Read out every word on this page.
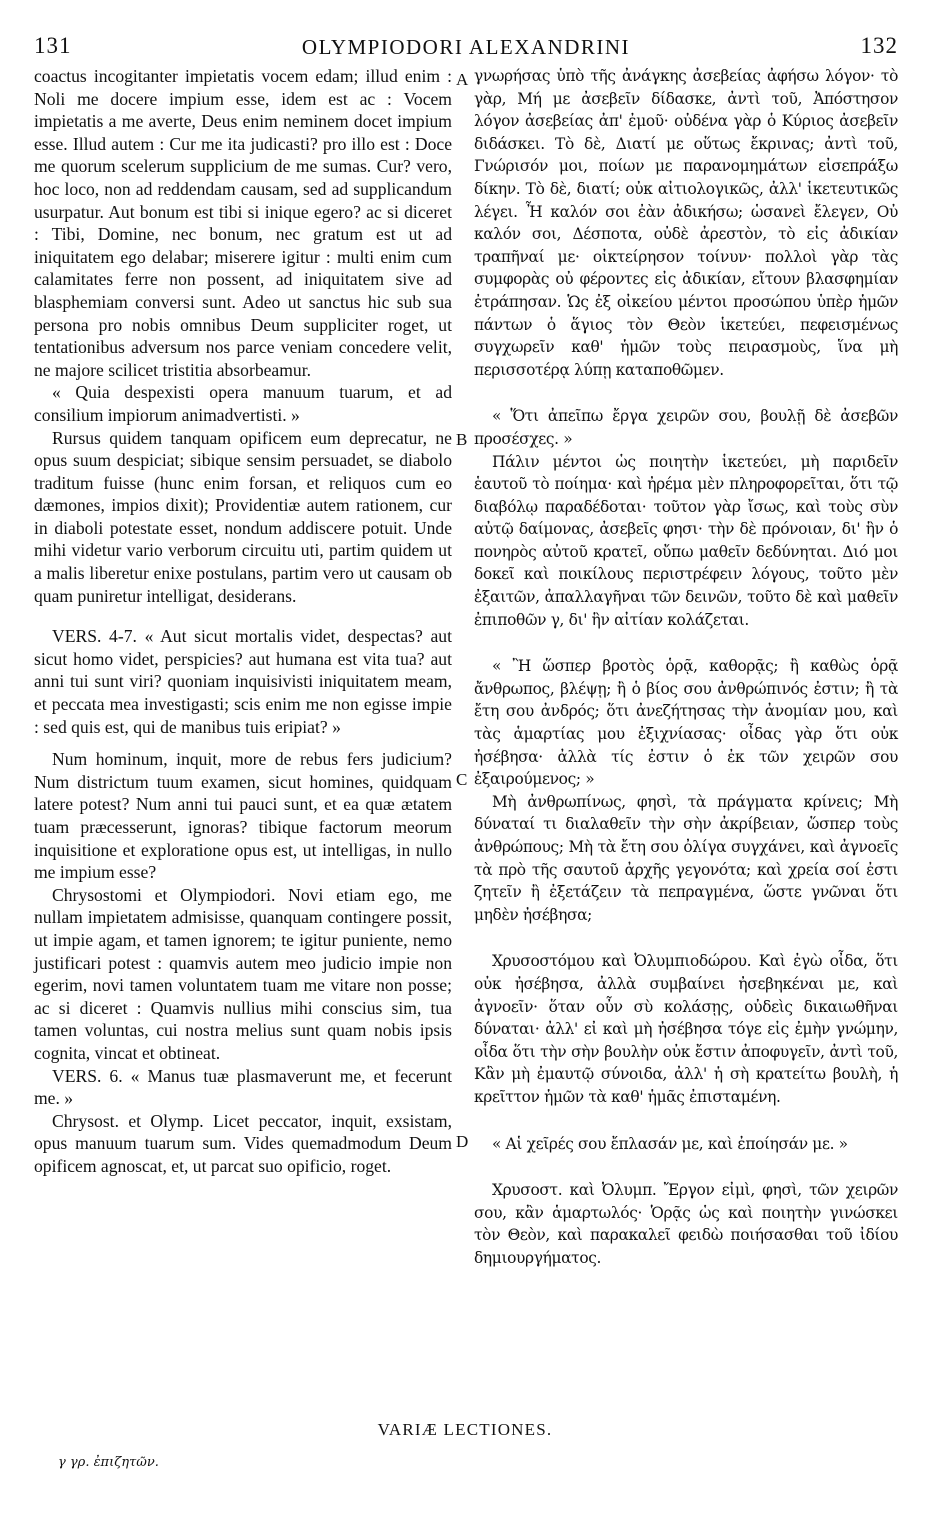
131	OLYMPIODORI ALEXANDRINI	132
A
B
C
D

coactus incogitanter impietatis vocem edam; illud enim : Noli me docere impium esse, idem est ac : Vocem impietatis a me averte, Deus enim neminem docet impium esse. Illud autem : Cur me ita judicasti? pro illo est : Doce me quorum scelerum supplicium de me sumas. Cur? vero, hoc loco, non ad reddendam causam, sed ad supplicandum usurpatur. Aut bonum est tibi si inique egero? ac si diceret : Tibi, Domine, nec bonum, nec gratum est ut ad iniquitatem ego delabar; miserere igitur : multi enim cum calamitates ferre non possent, ad iniquitatem sive ad blasphemiam conversi sunt. Adeo ut sanctus hic sub sua persona pro nobis omnibus Deum suppliciter roget, ut tentationibus adversum nos parce veniam concedere velit, ne majore scilicet tristitia absorbeamur.

« Quia despexisti opera manuum tuarum, et ad consilium impiorum animadvertisti. »

Rursus quidem tanquam opificem eum deprecatur, ne opus suum despiciat; sibique sensim persuadet, se diabolo traditum fuisse (hunc enim forsan, et reliquos cum eo dæmones, impios dixit); Providentiæ autem rationem, cur in diaboli potestate esset, nondum addiscere potuit. Unde mihi videtur vario verborum circuitu uti, partim quidem ut a malis liberetur enixe postulans, partim vero ut causam ob quam puniretur intelligat, desiderans.

VERS. 4-7. « Aut sicut mortalis videt, despectas? aut sicut homo videt, perspicies? aut humana est vita tua? aut anni tui sunt viri? quoniam inquisivisti iniquitatem meam, et peccata mea investigasti; scis enim me non egisse impie : sed quis est, qui de manibus tuis eripiat? »

Num hominum, inquit, more de rebus fers judicium? Num districtum tuum examen, sicut homines, quidquam latere potest? Num anni tui pauci sunt, et ea quæ ætatem tuam præcesserunt, ignoras? tibique factorum meorum inquisitione et exploratione opus est, ut intelligas, in nullo me impium esse?

Chrysostomi et Olympiodori. Novi etiam ego, me nullam impietatem admisisse, quanquam contingere possit, ut impie agam, et tamen ignorem; te igitur puniente, nemo justificari potest : quamvis autem meo judicio impie non egerim, novi tamen voluntatem tuam me vitare non posse; ac si diceret : Quamvis nullius mihi conscius sim, tua tamen voluntas, cui nostra melius sunt quam nobis ipsis cognita, vincat et obtineat.

VERS. 6. « Manus tuæ plasmaverunt me, et fecerunt me. »

Chrysost. et Olymp. Licet peccator, inquit, exsistam, opus manuum tuarum sum. Vides quemadmodum Deum opificem agnoscat, et, ut parcat suo opificio, roget.

γνωρήσας ὑπὸ τῆς ἀνάγκης ἀσεβείας ἀφήσω λόγον· τὸ γὰρ, Μή με ἀσεβεῖν δίδασκε, ἀντὶ τοῦ, Ἀπόστησον λόγον ἀσεβείας ἀπ' ἐμοῦ· οὐδένα γὰρ ὁ Κύριος ἀσεβεῖν διδάσκει. Τὸ δὲ, Διατί με οὕτως ἔκρινας; ἀντὶ τοῦ, Γνώρισόν μοι, ποίων με παρανομημάτων εἰσεπράξω δίκην. Τὸ δὲ, διατί; οὐκ αἰτιολογικῶς, ἀλλ' ἱκετευτικῶς λέγει. Ἦ καλόν σοι ἐὰν ἀδικήσω; ὡσανεὶ ἔλεγεν, Οὐ καλόν σοι, Δέσποτα, οὐδὲ ἀρεστὸν, τὸ εἰς ἀδικίαν τραπῆναί με· οἰκτείρησον τοίνυν· πολλοὶ γὰρ τὰς συμφορὰς οὐ φέροντες εἰς ἀδικίαν, εἴτουν βλασφημίαν ἐτράπησαν. Ὡς ἐξ οἰκείου μέντοι προσώπου ὑπὲρ ἡμῶν πάντων ὁ ἅγιος τὸν Θεὸν ἱκετεύει, πεφεισμένως συγχωρεῖν καθ' ἡμῶν τοὺς πειρασμοὺς, ἵνα μὴ περισσοτέρᾳ λύπῃ καταποθῶμεν.

« Ὅτι ἀπεῖπω ἔργα χειρῶν σου, βουλῇ δὲ ἀσεβῶν προσέσχες. »

Πάλιν μέντοι ὡς ποιητὴν ἱκετεύει, μὴ παριδεῖν ἑαυτοῦ τὸ ποίημα· καὶ ἠρέμα μὲν πληροφορεῖται, ὅτι τῷ διαβόλῳ παραδέδοται· τοῦτον γὰρ ἴσως, καὶ τοὺς σὺν αὐτῷ δαίμονας, ἀσεβεῖς φησι· τὴν δὲ πρόνοιαν, δι' ἣν ὁ πονηρὸς αὐτοῦ κρατεῖ, οὔπω μαθεῖν δεδύνηται. Διό μοι δοκεῖ καὶ ποικίλους περιστρέφειν λόγους, τοῦτο μὲν ἐξαιτῶν, ἀπαλλαγῆναι τῶν δεινῶν, τοῦτο δὲ καὶ μαθεῖν ἐπιποθῶν γ, δι' ἣν αἰτίαν κολάζεται.

« Ἢ ὥσπερ βροτὸς ὁρᾷ, καθορᾷς; ἢ καθὼς ὁρᾷ ἄνθρωπος, βλέψῃ; ἢ ὁ βίος σου ἀνθρώπινός ἐστιν; ἢ τὰ ἔτη σου ἀνδρός; ὅτι ἀνεζήτησας τὴν ἀνομίαν μου, καὶ τὰς ἁμαρτίας μου ἐξιχνίασας· οἶδας γὰρ ὅτι οὐκ ἠσέβησα· ἀλλὰ τίς ἐστιν ὁ ἐκ τῶν χειρῶν σου ἐξαιρούμενος; »

Μὴ ἀνθρωπίνως, φησὶ, τὰ πράγματα κρίνεις; Μὴ δύναταί τι διαλαθεῖν τὴν σὴν ἀκρίβειαν, ὥσπερ τοὺς ἀνθρώπους; Μὴ τὰ ἔτη σου ὀλίγα συγχάνει, καὶ ἀγνοεῖς τὰ πρὸ τῆς σαυτοῦ ἀρχῆς γεγονότα; καὶ χρεία σοί ἐστι ζητεῖν ἢ ἐξετάζειν τὰ πεπραγμένα, ὥστε γνῶναι ὅτι μηδὲν ἠσέβησα;

Χρυσοστόμου καὶ Ὀλυμπιοδώρου. Καὶ ἐγὼ οἶδα, ὅτι οὐκ ἠσέβησα, ἀλλὰ συμβαίνει ἠσεβηκέναι με, καὶ ἀγνοεῖν· ὅταν οὖν σὺ κολάσῃς, οὐδεὶς δικαιωθῆναι δύναται· ἀλλ' εἰ καὶ μὴ ἠσέβησα τόγε εἰς ἐμὴν γνώμην, οἶδα ὅτι τὴν σὴν βουλὴν οὐκ ἔστιν ἀποφυγεῖν, ἀντὶ τοῦ, Κἂν μὴ ἐμαυτῷ σύνοιδα, ἀλλ' ἡ σὴ κρατείτω βουλὴ, ἡ κρεῖττον ἡμῶν τὰ καθ' ἡμᾶς ἐπισταμένη.

« Αἱ χεῖρές σου ἔπλασάν με, καὶ ἐποίησάν με. »

Χρυσοστ. καὶ Ὀλυμπ. Ἔργον εἰμὶ, φησὶ, τῶν χειρῶν σου, κἂν ἁμαρτωλός· Ὁρᾷς ὡς καὶ ποιητὴν γινώσκει τὸν Θεὸν, καὶ παρακαλεῖ φειδὼ ποιήσασθαι τοῦ ἰδίου δημιουργήματος.

VARIÆ LECTIONES.
γ γρ. ἐπιζητῶν.
